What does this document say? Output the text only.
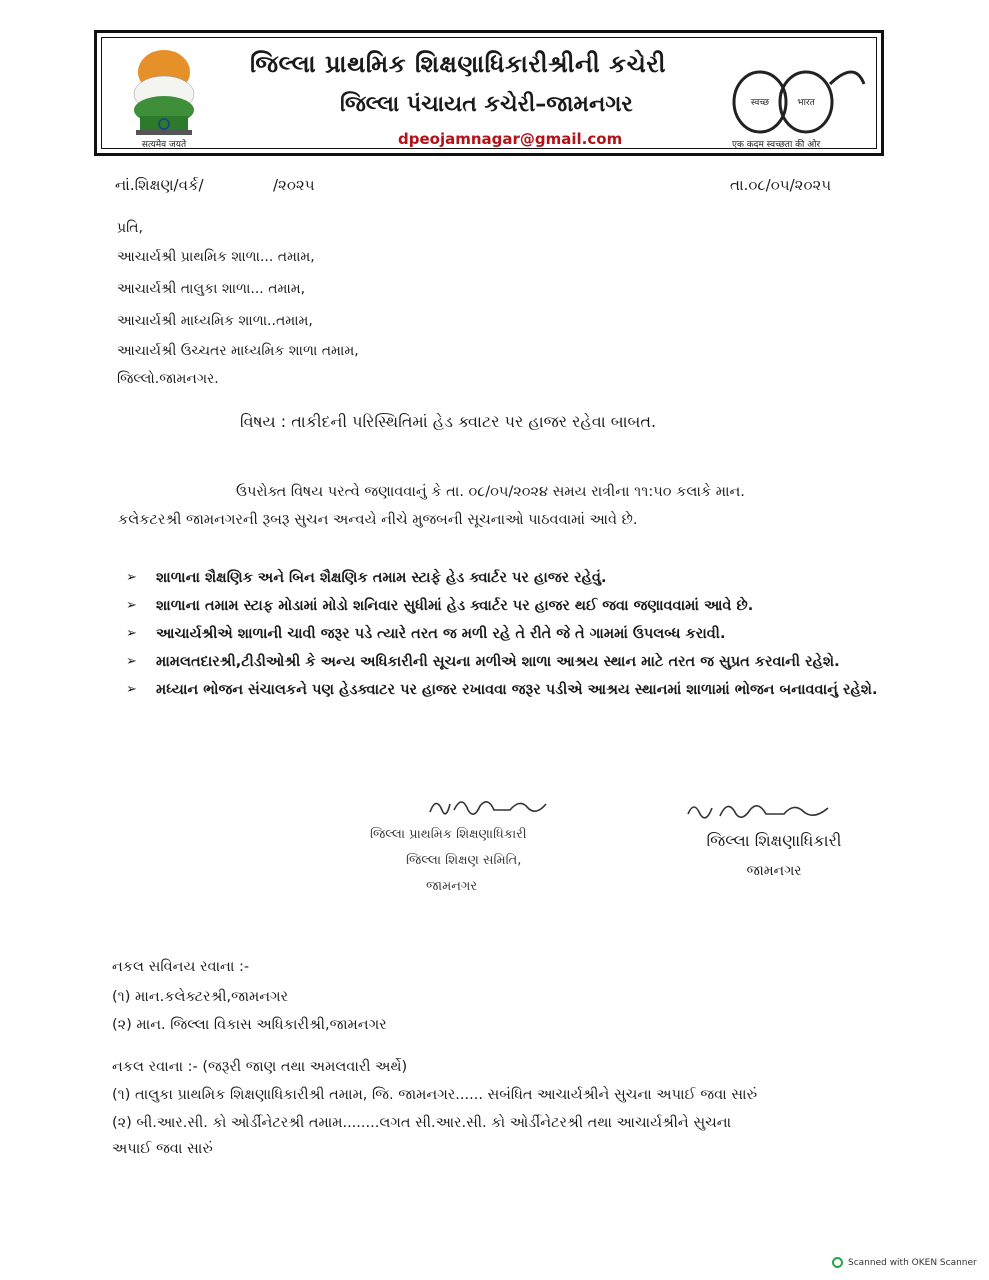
सत्यमेव जयते
જિલ્લા પ્રાથમિક શિક્ષણાધિકારીશ્રીની કચેરી
જિલ્લા પંચાયત કચેરી–જામનગર
dpeojamnagar@gmail.com
स्वच्छ	भारत
एक कदम स्वच्छता की ओर
નાં.શિક્ષણ/વર્ક/	/૨૦૨૫	તા.૦૮/૦૫/૨૦૨૫
પ્રતિ,
આચાર્યશ્રી પ્રાથમિક શાળા... તમામ,
આચાર્યશ્રી તાલુકા શાળા... તમામ,
આચાર્યશ્રી માધ્યમિક શાળા..તમામ,
આચાર્યશ્રી ઉચ્ચતર માધ્યમિક શાળા તમામ,
જિલ્લો.જામનગર.
વિષય : તાકીદની પરિસ્થિતિમાં હેડ ક્વાટર પર હાજર રહેવા બાબત.
ઉપરોક્ત વિષય પરત્વે જણાવવાનું કે તા. ૦૮/૦૫/૨૦૨૪ સમય રાત્રીના ૧૧:૫૦ કલાકે માન.
કલેકટરશ્રી જામનગરની રૂબરૂ સુચન અન્વયે નીચે મુજબની સૂચનાઓ પાઠવવામાં આવે છે.
➢ શાળાના શૈક્ષણિક અને બિન શૈક્ષણિક તમામ સ્ટાફે હેડ ક્વાર્ટર પર હાજર રહેવું.
➢ શાળાના તમામ સ્ટાફ મોડામાં મોડો શનિવાર સુધીમાં હેડ ક્વાર્ટર પર હાજર થઈ જવા જણાવવામાં આવે છે.
➢ આચાર્યશ્રીએ શાળાની ચાવી જરૂર પડે ત્યારે તરત જ મળી રહે તે રીતે જે તે ગામમાં ઉપલબ્ધ કરાવી.
➢ મામલતદારશ્રી,ટીડીઓશ્રી કે અન્ય અધિકારીની સૂચના મળીએ શાળા આશ્રય સ્થાન માટે તરત જ સુપ્રત કરવાની રહેશે.
➢ મધ્યાન ભોજન સંચાલકને પણ હેડક્વાટર પર હાજર રખાવવા જરૂર પડીએ આશ્રય સ્થાનમાં શાળામાં ભોજન બનાવવાનું રહેશે.
જિલ્લા પ્રાથમિક શિક્ષણાધિકારી
જિલ્લા શિક્ષણ સમિતિ,
જામનગર
જિલ્લા શિક્ષણાધિકારી
જામનગર
નકલ સવિનય રવાના :-
(૧) માન.કલેક્ટરશ્રી,જામનગર
(૨) માન. જિલ્લા વિકાસ અધિકારીશ્રી,જામનગર
નકલ રવાના :- (જરૂરી જાણ તથા અમલવારી અર્થે)
(૧) તાલુકા પ્રાથમિક શિક્ષણાધિકારીશ્રી તમામ, જિ. જામનગર...... સબંધિત આચાર્યશ્રીને સુચના અપાઈ જવા સારું
(૨) બી.આર.સી. કો ઓર્ડીનેટરશ્રી તમામ........લગત સી.આર.સી. કો ઓર્ડીનેટરશ્રી તથા આચાર્યશ્રીને સુચના
અપાઈ જવા સારું
Scanned with OKEN Scanner
